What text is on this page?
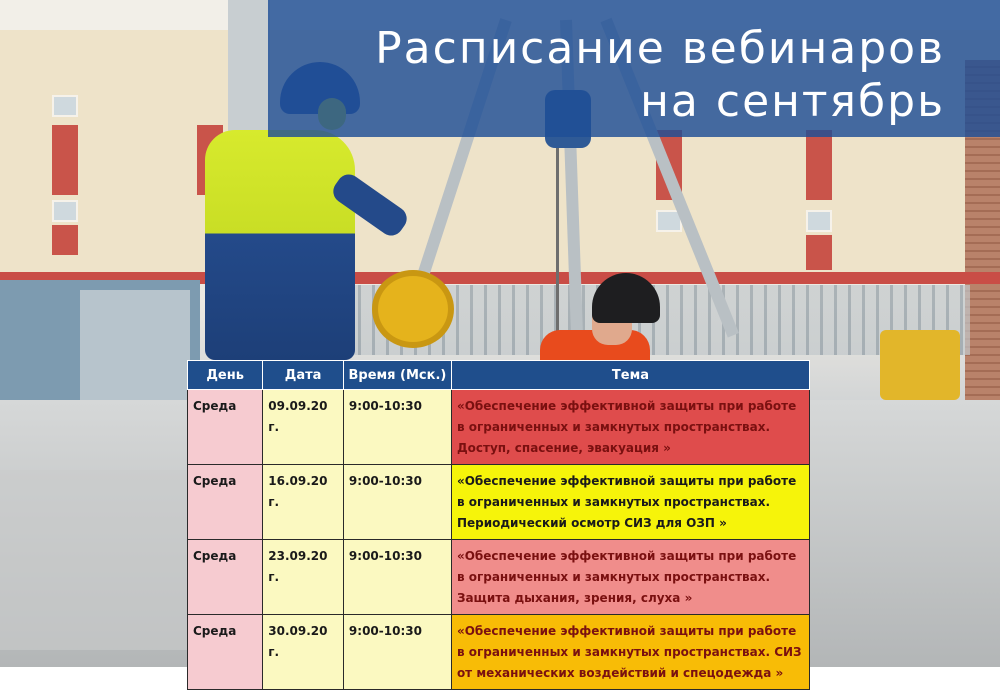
Расписание вебинаров
на сентябрь
День	Дата	Время (Мск.)	Тема
Среда	09.09.20 г.	9:00-10:30	«Обеспечение эффективной защиты при работе в ограниченных и замкнутых пространствах. Доступ, спасение, эвакуация »
Среда	16.09.20 г.	9:00-10:30	«Обеспечение эффективной защиты при работе в ограниченных и замкнутых пространствах. Периодический осмотр СИЗ для ОЗП »
Среда	23.09.20 г.	9:00-10:30	«Обеспечение эффективной защиты при работе в ограниченных и замкнутых пространствах. Защита дыхания, зрения, слуха »
Среда	30.09.20 г.	9:00-10:30	«Обеспечение эффективной защиты при работе в ограниченных и замкнутых пространствах. СИЗ от механических воздействий и спецодежда »
